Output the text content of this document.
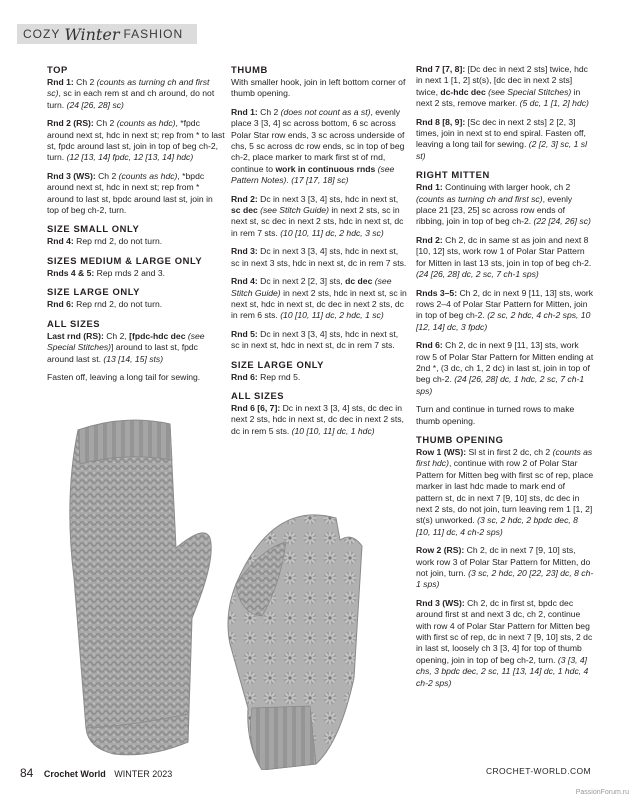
COZY Winter FASHION
TOP

Rnd 1: Ch 2 (counts as turning ch and first sc), sc in each rem st and ch around, do not turn. (24 [26, 28] sc)

Rnd 2 (RS): Ch 2 (counts as hdc), *fpdc around next st, hdc in next st; rep from * to last st, fpdc around last st, join in top of beg ch-2, turn. (12 [13, 14] fpdc, 12 [13, 14] hdc)

Rnd 3 (WS): Ch 2 (counts as hdc), *bpdc around next st, hdc in next st; rep from * around to last st, bpdc around last st, join in top of beg ch-2, turn.

SIZE SMALL ONLY

Rnd 4: Rep rnd 2, do not turn.

SIZES MEDIUM & LARGE ONLY

Rnds 4 & 5: Rep rnds 2 and 3.

SIZE LARGE ONLY

Rnd 6: Rep rnd 2, do not turn.

ALL SIZES

Last rnd (RS): Ch 2, [fpdc-hdc dec (see Special Stitches)] around to last st, fpdc around last st. (13 [14, 15] sts)

Fasten off, leaving a long tail for sewing.

THUMB

With smaller hook, join in left bottom corner of thumb opening.

Rnd 1: Ch 2 (does not count as a st), evenly place 3 [3, 4] sc across bottom, 6 sc across Polar Star row ends, 3 sc across underside of chs, 5 sc across dc row ends, sc in top of beg ch-2, place marker to mark first st of rnd, continue to work in continuous rnds (see Pattern Notes). (17 [17, 18] sc)

Rnd 2: Dc in next 3 [3, 4] sts, hdc in next st, sc dec (see Stitch Guide) in next 2 sts, sc in next st, sc dec in next 2 sts, hdc in next st, dc in rem 7 sts. (10 [10, 11] dc, 2 hdc, 3 sc)

Rnd 3: Dc in next 3 [3, 4] sts, hdc in next st, sc in next 3 sts, hdc in next st, dc in rem 7 sts.

Rnd 4: Dc in next 2 [2, 3] sts, dc dec (see Stitch Guide) in next 2 sts, hdc in next st, sc in next st, hdc in next st, dc dec in next 2 sts, dc in rem 6 sts. (10 [10, 11] dc, 2 hdc, 1 sc)

Rnd 5: Dc in next 3 [3, 4] sts, hdc in next st, sc in next st, hdc in next st, dc in rem 7 sts.

SIZE LARGE ONLY

Rnd 6: Rep rnd 5.

ALL SIZES

Rnd 6 [6, 7]: Dc in next 3 [3, 4] sts, dc dec in next 2 sts, hdc in next st, dc dec in next 2 sts, dc in rem 5 sts. (10 [10, 11] dc, 1 hdc)

Rnd 7 [7, 8]: [Dc dec in next 2 sts] twice, hdc in next 1 [1, 2] st(s), [dc dec in next 2 sts] twice, dc-hdc dec (see Special Stitches) in next 2 sts, remove marker. (5 dc, 1 [1, 2] hdc)

Rnd 8 [8, 9]: [Sc dec in next 2 sts] 2 [2, 3] times, join in next st to end spiral. Fasten off, leaving a long tail for sewing. (2 [2, 3] sc, 1 sl st)

RIGHT MITTEN

Rnd 1: Continuing with larger hook, ch 2 (counts as turning ch and first sc), evenly place 21 [23, 25] sc across row ends of ribbing, join in top of beg ch-2. (22 [24, 26] sc)

Rnd 2: Ch 2, dc in same st as join and next 8 [10, 12] sts, work row 1 of Polar Star Pattern for Mitten in last 13 sts, join in top of beg ch-2. (24 [26, 28] dc, 2 sc, 7 ch-1 sps)

Rnds 3–5: Ch 2, dc in next 9 [11, 13] sts, work rows 2–4 of Polar Star Pattern for Mitten, join in top of beg ch-2. (2 sc, 2 hdc, 4 ch-2 sps, 10 [12, 14] dc, 3 fpdc)

Rnd 6: Ch 2, dc in next 9 [11, 13] sts, work row 5 of Polar Star Pattern for Mitten ending at 2nd *, (3 dc, ch 1, 2 dc) in last st, join in top of beg ch-2. (24 [26, 28] dc, 1 hdc, 2 sc, 7 ch-1 sps)

Turn and continue in turned rows to make thumb opening.

THUMB OPENING

Row 1 (WS): Sl st in first 2 dc, ch 2 (counts as first hdc), continue with row 2 of Polar Star Pattern for Mitten beg with first sc of rep, place marker in last hdc made to mark end of pattern st, dc in next 7 [9, 10] sts, dc dec in next 2 sts, do not join, turn leaving rem 1 [1, 2] st(s) unworked. (3 sc, 2 hdc, 2 bpdc dec, 8 [10, 11] dc, 4 ch-2 sps)

Row 2 (RS): Ch 2, dc in next 7 [9, 10] sts, work row 3 of Polar Star Pattern for Mitten, do not join, turn. (3 sc, 2 hdc, 20 [22, 23] dc, 8 ch-1 sps)

Rnd 3 (WS): Ch 2, dc in first st, bpdc dec around first st and next 3 dc, ch 2, continue with row 4 of Polar Star Pattern for Mitten beg with first sc of rep, dc in next 7 [9, 10] sts, 2 dc in last st, loosely ch 3 [3, 4] for top of thumb opening, join in top of beg ch-2, turn. (3 [3, 4] chs, 3 bpdc dec, 2 sc, 11 [13, 14] dc, 1 hdc, 4 ch-2 sps)

84 Crochet World WINTER 2023	CROCHET-WORLD.COM
PassionForum.ru
